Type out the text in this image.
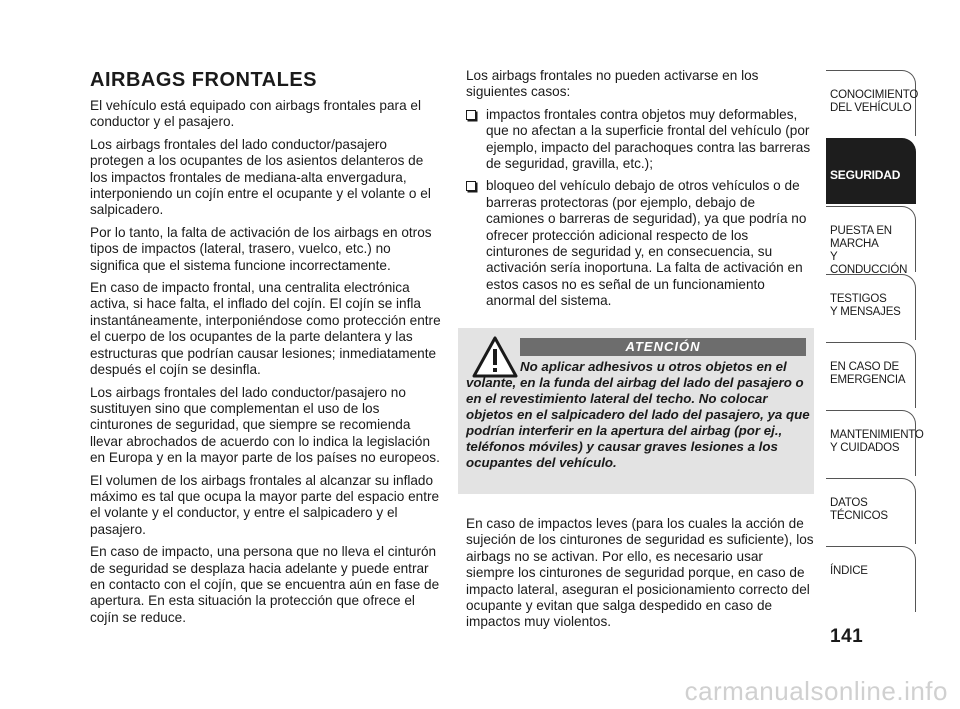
AIRBAGS FRONTALES

El vehículo está equipado con airbags frontales para el conductor y el pasajero.

Los airbags frontales del lado conductor/pasajero protegen a los ocupantes de los asientos delanteros de los impactos frontales de mediana-alta envergadura, interponiendo un cojín entre el ocupante y el volante o el salpicadero.

Por lo tanto, la falta de activación de los airbags en otros tipos de impactos (lateral, trasero, vuelco, etc.) no significa que el sistema funcione incorrectamente.

En caso de impacto frontal, una centralita electrónica activa, si hace falta, el inflado del cojín. El cojín se infla instantáneamente, interponiéndose como protección entre el cuerpo de los ocupantes de la parte delantera y las estructuras que podrían causar lesiones; inmediatamente después el cojín se desinfla.

Los airbags frontales del lado conductor/pasajero no sustituyen sino que complementan el uso de los cinturones de seguridad, que siempre se recomienda llevar abrochados de acuerdo con lo indica la legislación en Europa y en la mayor parte de los países no europeos.

El volumen de los airbags frontales al alcanzar su inflado máximo es tal que ocupa la mayor parte del espacio entre el volante y el conductor, y entre el salpicadero y el pasajero.

En caso de impacto, una persona que no lleva el cinturón de seguridad se desplaza hacia adelante y puede entrar en contacto con el cojín, que se encuentra aún en fase de apertura. En esta situación la protección que ofrece el cojín se reduce.

Los airbags frontales no pueden activarse en los siguientes casos:

impactos frontales contra objetos muy deformables, que no afectan a la superficie frontal del vehículo (por ejemplo, impacto del parachoques contra las barreras de seguridad, gravilla, etc.);
bloqueo del vehículo debajo de otros vehículos o de barreras protectoras (por ejemplo, debajo de camiones o barreras de seguridad), ya que podría no ofrecer protección adicional respecto de los cinturones de seguridad y, en consecuencia, su activación sería inoportuna. La falta de activación en estos casos no es señal de un funcionamiento anormal del sistema.
ATENCIÓN
No aplicar adhesivos u otros objetos en el volante, en la funda del airbag del lado del pasajero o en el revestimiento lateral del techo. No colocar objetos en el salpicadero del lado del pasajero, ya que podrían interferir en la apertura del airbag (por ej., teléfonos móviles) y causar graves lesiones a los ocupantes del vehículo.

En caso de impactos leves (para los cuales la acción de sujeción de los cinturones de seguridad es suficiente), los airbags no se activan. Por ello, es necesario usar siempre los cinturones de seguridad porque, en caso de impacto lateral, aseguran el posicionamiento correcto del ocupante y evitan que salga despedido en caso de impactos muy violentos.

CONOCIMIENTO
DEL VEHÍCULO
SEGURIDAD
PUESTA EN
MARCHA
Y CONDUCCIÓN
TESTIGOS
Y MENSAJES
EN CASO DE
EMERGENCIA
MANTENIMIENTO
Y CUIDADOS
DATOS
TÉCNICOS
ÍNDICE
141
carmanualsonline.info
